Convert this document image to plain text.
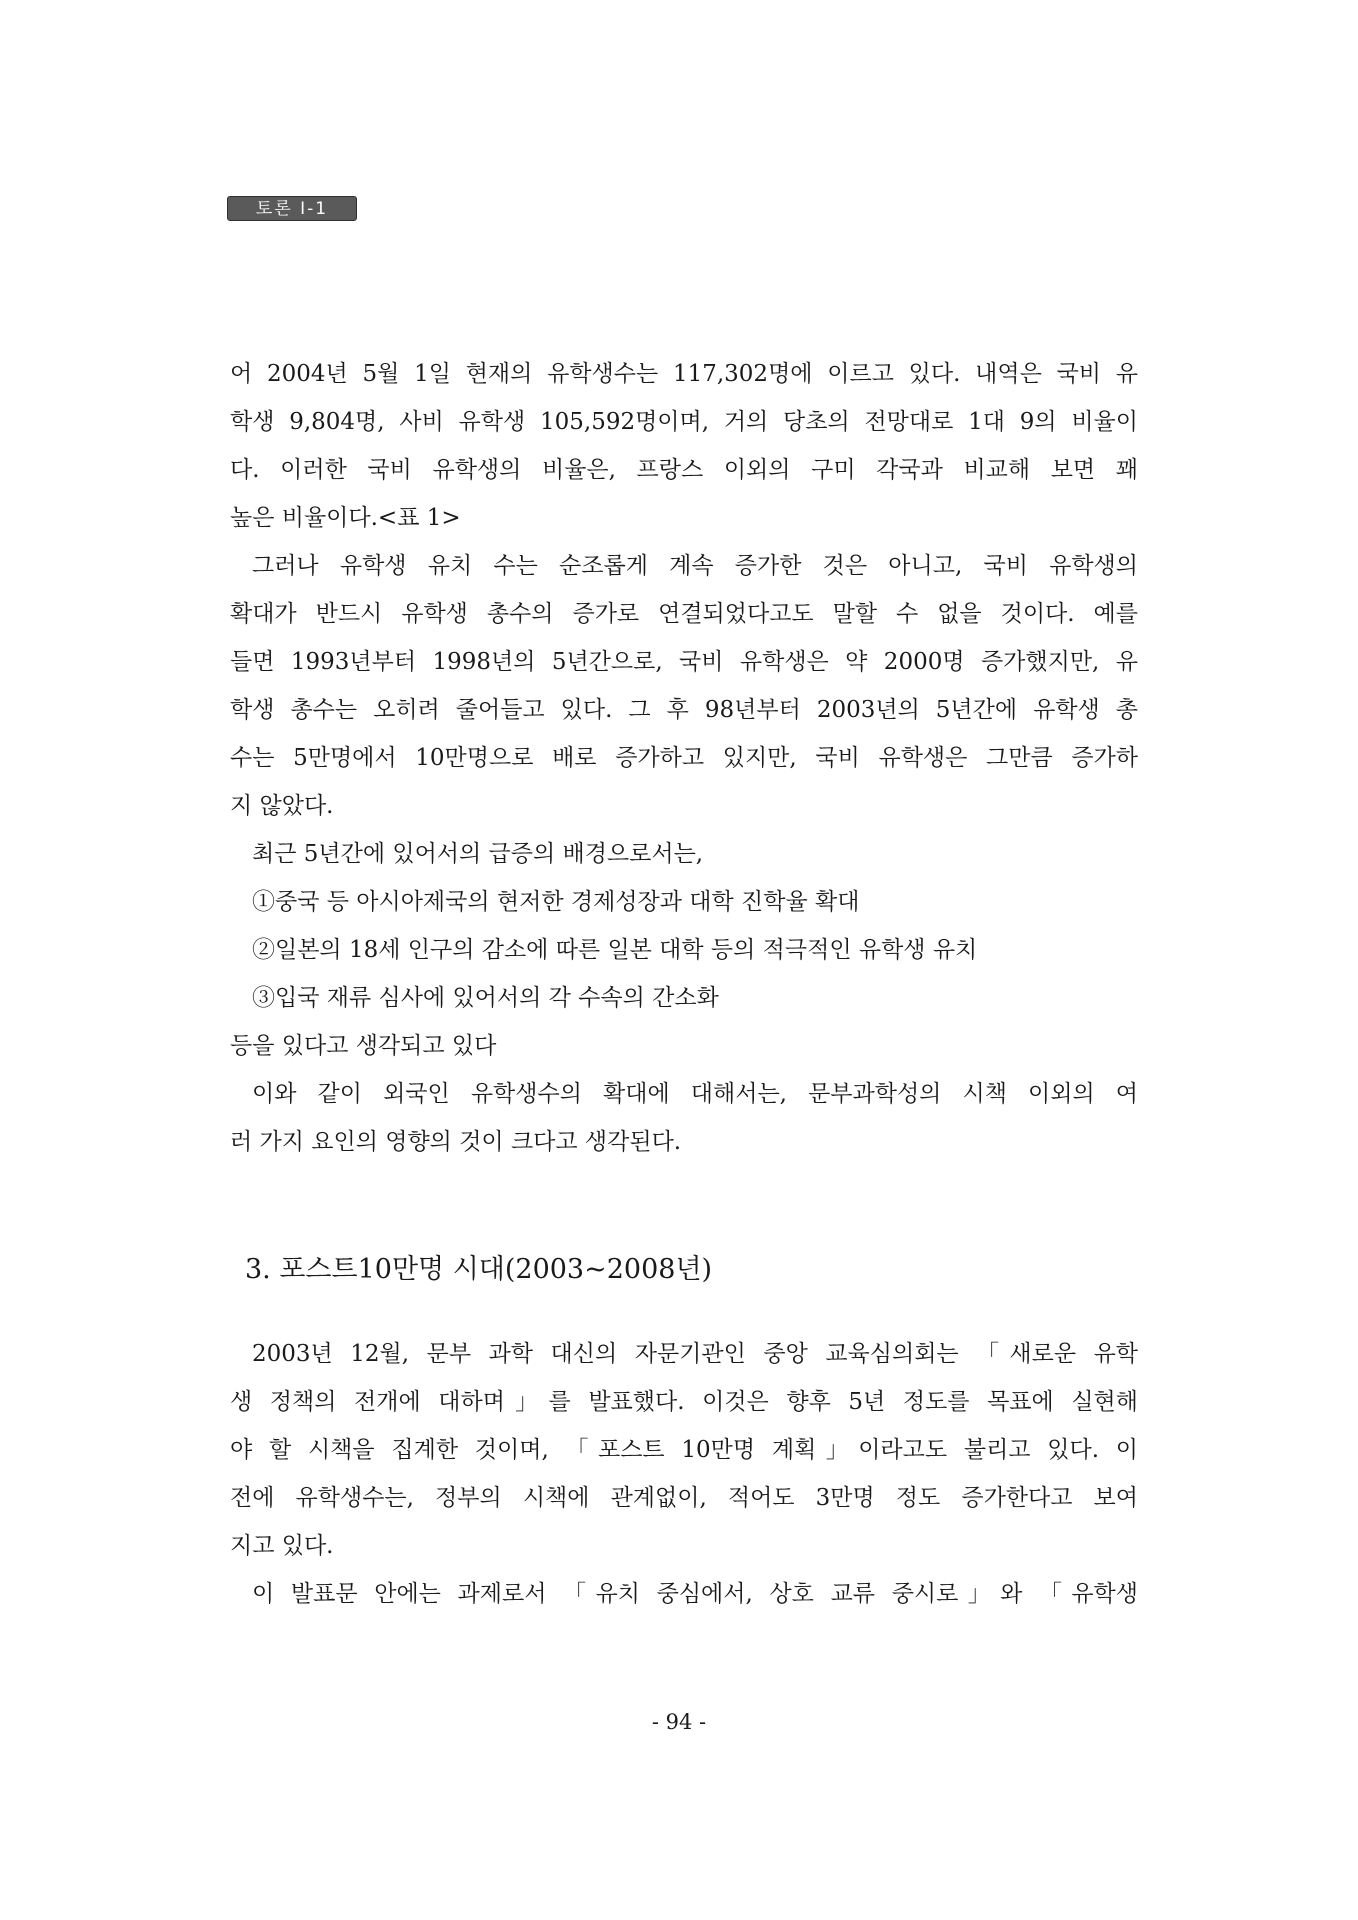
토론 Ⅰ-1
어 2004년 5월 1일 현재의 유학생수는 117,302명에 이르고 있다. 내역은 국비 유
학생 9,804명, 사비 유학생 105,592명이며, 거의 당초의 전망대로 1대 9의 비율이
다. 이러한 국비 유학생의 비율은, 프랑스 이외의 구미 각국과 비교해 보면 꽤
높은 비율이다.<표 1>
그러나 유학생 유치 수는 순조롭게 계속 증가한 것은 아니고, 국비 유학생의
확대가 반드시 유학생 총수의 증가로 연결되었다고도 말할 수 없을 것이다. 예를
들면 1993년부터 1998년의 5년간으로, 국비 유학생은 약 2000명 증가했지만, 유
학생 총수는 오히려 줄어들고 있다. 그 후 98년부터 2003년의 5년간에 유학생 총
수는 5만명에서 10만명으로 배로 증가하고 있지만, 국비 유학생은 그만큼 증가하
지 않았다.
최근 5년간에 있어서의 급증의 배경으로서는,
①중국 등 아시아제국의 현저한 경제성장과 대학 진학율 확대
②일본의 18세 인구의 감소에 따른 일본 대학 등의 적극적인 유학생 유치
③입국 재류 심사에 있어서의 각 수속의 간소화
등을 있다고 생각되고 있다
이와 같이 외국인 유학생수의 확대에 대해서는, 문부과학성의 시책 이외의 여
러 가지 요인의 영향의 것이 크다고 생각된다.
3. 포스트10만명 시대(2003~2008년)
2003년 12월, 문부 과학 대신의 자문기관인 중앙 교육심의회는 「새로운 유학
생 정책의 전개에 대하며」를 발표했다. 이것은 향후 5년 정도를 목표에 실현해
야 할 시책을 집계한 것이며, 「포스트 10만명 계획」이라고도 불리고 있다. 이
전에 유학생수는, 정부의 시책에 관계없이, 적어도 3만명 정도 증가한다고 보여
지고 있다.
이 발표문 안에는 과제로서 「유치 중심에서, 상호 교류 중시로」와 「유학생
- 94 -
